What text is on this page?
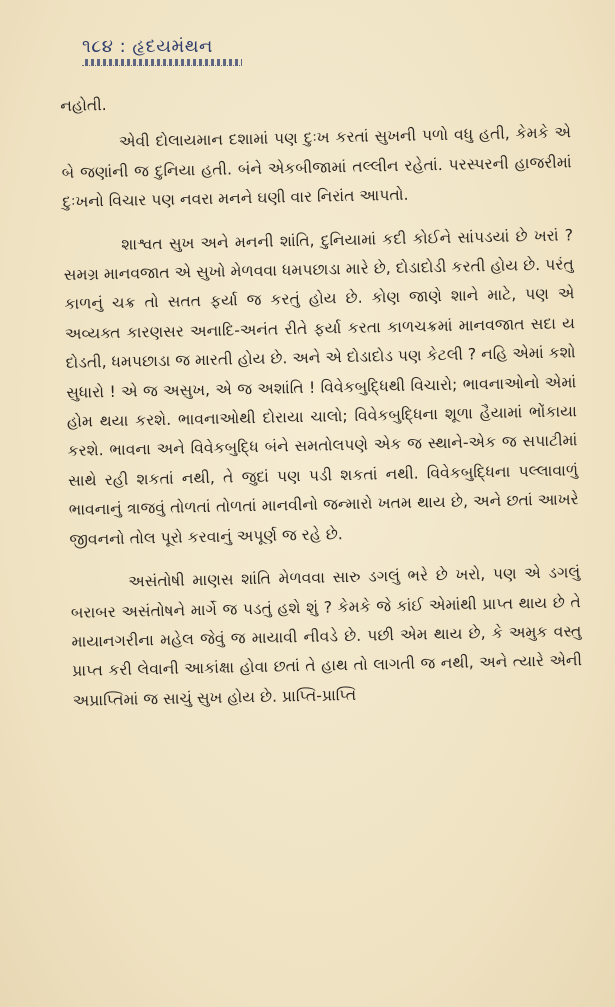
૧૮૪ : હૃદયમંથન

નહોતી.

એવી દોલાયમાન દશામાં પણ દુઃખ કરતાં સુખની પળો વધુ હતી, કેમકે એ બે જણાંની જ દુનિયા હતી. બંને એકબીજામાં તલ્લીન રહેતાં. પરસ્પરની હાજરીમાં દુઃખનો વિચાર પણ નવરા મનને ઘણી વાર નિરાંત આપતો.

શાશ્વત સુખ અને મનની શાંતિ, દુનિયામાં કદી કોઈને સાંપડયાં છે ખરાં ? સમગ્ર માનવજાત એ સુખો મેળવવા ધમપછાડા મારે છે, દોડાદોડી કરતી હોય છે. પરંતુ કાળનું ચક્ર તો સતત ફર્યા જ કરતું હોય છે. કોણ જાણે શાને માટે, પણ એ અવ્યક્ત કારણસર અનાદિ-અનંત રીતે ફર્યા કરતા કાળચક્રમાં માનવજાત સદા ય દોડતી, ધમપછાડા જ મારતી હોય છે. અને એ દોડાદોડ પણ કેટલી ? નહિ એમાં કશો સુધારો ! એ જ અસુખ, એ જ અશાંતિ ! વિવેકબુદ્ધિથી વિચારો; ભાવનાઓનો એમાં હોમ થયા કરશે. ભાવનાઓથી દોરાયા ચાલો; વિવેકબુદ્ધિના શૂળા હૈયામાં ભોંકાયા કરશે. ભાવના અને વિવેકબુદ્ધિ બંને સમતોલપણે એક જ સ્થાને-એક જ સપાટીમાં સાથે રહી શકતાં નથી, તે જુદાં પણ પડી શકતાં નથી. વિવેકબુદ્ધિના પલ્લાવાળું ભાવનાનું ત્રાજવું તોળતાં તોળતાં માનવીનો જન્મારો ખતમ થાય છે, અને છતાં આખરે જીવનનો તોલ પૂરો કરવાનું અપૂર્ણ જ રહે છે.

અસંતોષી માણસ શાંતિ મેળવવા સારુ ડગલું ભરે છે ખરો, પણ એ ડગલું બરાબર અસંતોષને માર્ગે જ પડતું હશે શું ? કેમકે જે કાંઈ એમાંથી પ્રાપ્ત થાય છે તે માયાનગરીના મહેલ જેવું જ માયાવી નીવડે છે. પછી એમ થાય છે, કે અમુક વસ્તુ પ્રાપ્ત કરી લેવાની આકાંક્ષા હોવા છતાં તે હાથ તો લાગતી જ નથી, અને ત્યારે એની અપ્રાપ્તિમાં જ સાચું સુખ હોય છે. પ્રાપ્તિ-પ્રાપ્તિ
